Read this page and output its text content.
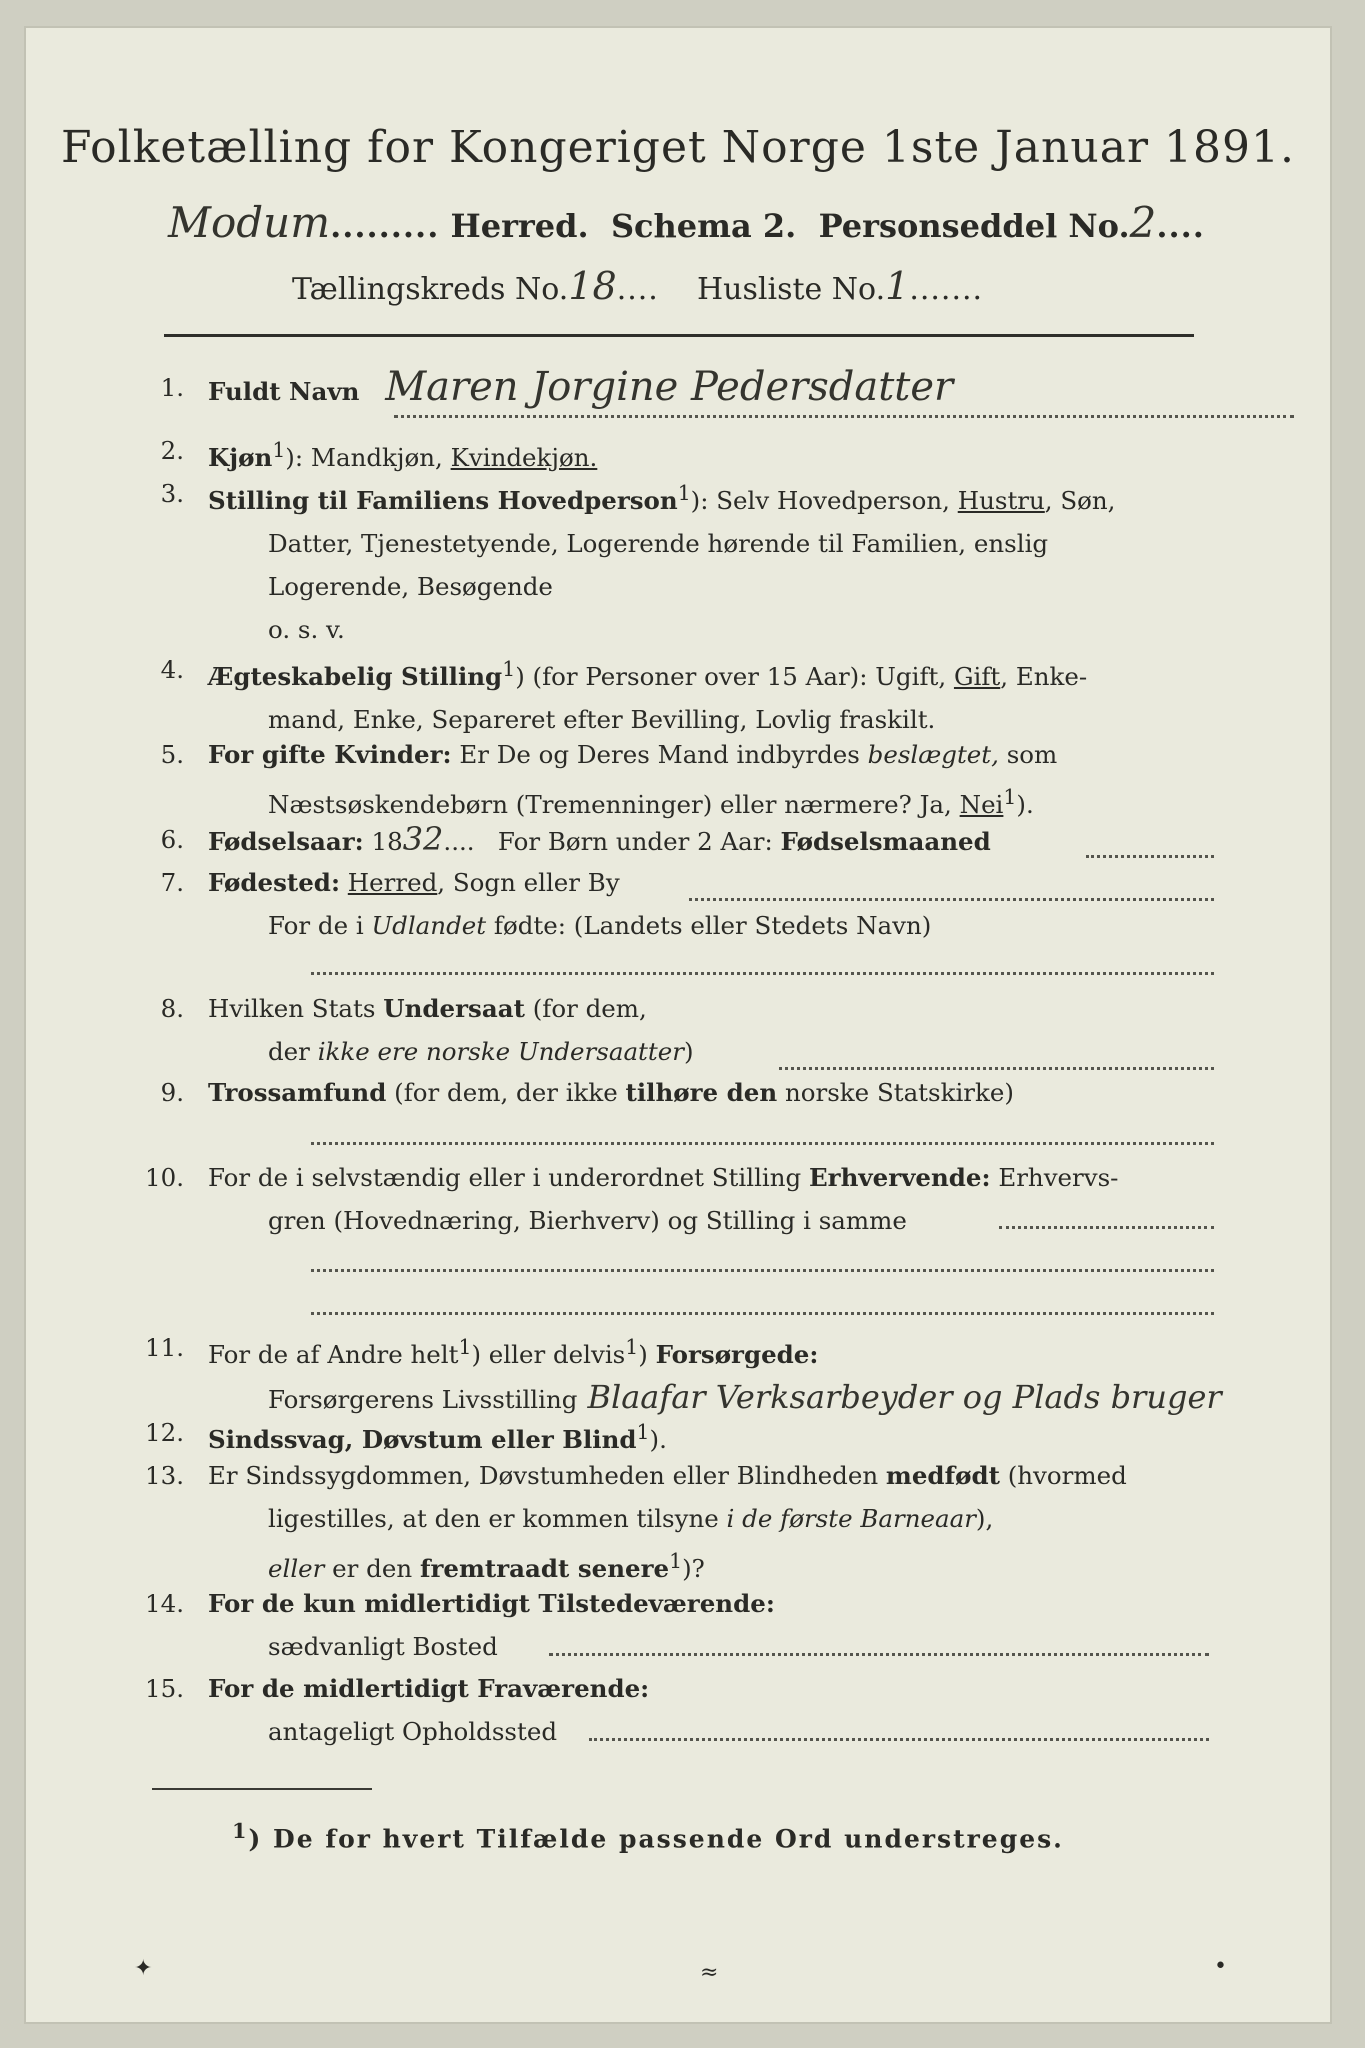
Folketælling for Kongeriget Norge 1ste Januar 1891.
Modum......... Herred. Schema 2. Personseddel No.2....
Tællingskreds No.18.... Husliste No.1.......
1. Fuldt Navn Maren Jorgine Pedersdatter
2. Kjøn$^1$): Mandkjøn, Kvindekjøn.
3. Stilling til Familiens Hovedperson$^1$): Selv Hovedperson, Hustru, Søn,
Datter, Tjenestetyende, Logerende hørende til Familien, enslig
Logerende, Besøgende
o. s. v.
4. Ægteskabelig Stilling$^1$) (for Personer over 15 Aar): Ugift, Gift, Enke-
mand, Enke, Separeret efter Bevilling, Lovlig fraskilt.
5. For gifte Kvinder: Er De og Deres Mand indbyrdes beslægtet, som
Næstsøskendebørn (Tremenninger) eller nærmere? Ja, Nei$^1$).
6. Fødselsaar: 1832....   For Børn under 2 Aar: Fødselsmaaned
7. Fødested: Herred, Sogn eller By
For de i Udlandet fødte: (Landets eller Stedets Navn)
8. Hvilken Stats Undersaat (for dem,
der ikke ere norske Undersaatter)
9. Trossamfund (for dem, der ikke tilhøre den norske Statskirke)
10. For de i selvstændig eller i underordnet Stilling Erhvervende: Erhvervs-
gren (Hovednæring, Bierhverv) og Stilling i samme
11. For de af Andre helt$^1$) eller delvis$^1$) Forsørgede:
Forsørgerens Livsstilling Blaafar Verksarbeyder og Plads bruger
12. Sindssvag, Døvstum eller Blind$^1$).
13. Er Sindssygdommen, Døvstumheden eller Blindheden medfødt (hvormed
ligestilles, at den er kommen tilsyne i de første Barneaar),
eller er den fremtraadt senere$^1$)?
14. For de kun midlertidigt Tilstedeværende:
sædvanligt Bosted
15. For de midlertidigt Fraværende:
antageligt Opholdssted
$^1$) De for hvert Tilfælde passende Ord understreges.
✦	≈	•
